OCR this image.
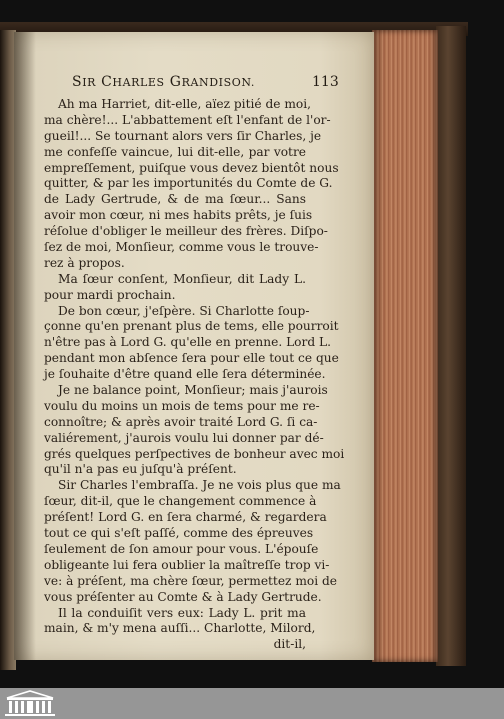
SIR CHARLES GRANDISON.	113
Ah ma Harriet, dit-elle, aïez pitié de moi,
ma chère!... L'abbattement eſt l'enfant de l'or-
gueil!... Se tournant alors vers ſir Charles, je
me confeſſe vaincue, lui dit-elle, par votre
empreſſement, puiſque vous devez bientôt nous
quitter, & par les importunités du Comte de G.
de Lady Gertrude, & de ma ſœur... Sans
avoir mon cœur, ni mes habits prêts, je ſuis
réſolue d'obliger le meilleur des frères. Diſpo-
ſez de moi, Monſieur, comme vous le trouve-
rez à propos.
Ma ſœur conſent, Monſieur, dit Lady L.
pour mardi prochain.
De bon cœur, j'eſpère. Si Charlotte ſoup-
çonne qu'en prenant plus de tems, elle pourroit
n'être pas à Lord G. qu'elle en prenne. Lord L.
pendant mon abſence ſera pour elle tout ce que
je ſouhaite d'être quand elle ſera déterminée.
Je ne balance point, Monſieur; mais j'aurois
voulu du moins un mois de tems pour me re-
connoître; & après avoir traité Lord G. ſi ca-
valiérement, j'aurois voulu lui donner par dé-
grés quelques perſpectives de bonheur avec moi
qu'il n'a pas eu juſqu'à préſent.
Sir Charles l'embraſſa. Je ne vois plus que ma
ſœur, dit-il, que le changement commence à
préſent! Lord G. en ſera charmé, & regardera
tout ce qui s'eſt paſſé, comme des épreuves
ſeulement de ſon amour pour vous. L'épouſe
obligeante lui fera oublier la maîtreſſe trop vi-
ve: à préſent, ma chère ſœur, permettez moi de
vous préſenter au Comte & à Lady Gertrude.
Il la conduiſit vers eux: Lady L. prit ma
main, & m'y mena auſſi... Charlotte, Milord,
dit-il,
